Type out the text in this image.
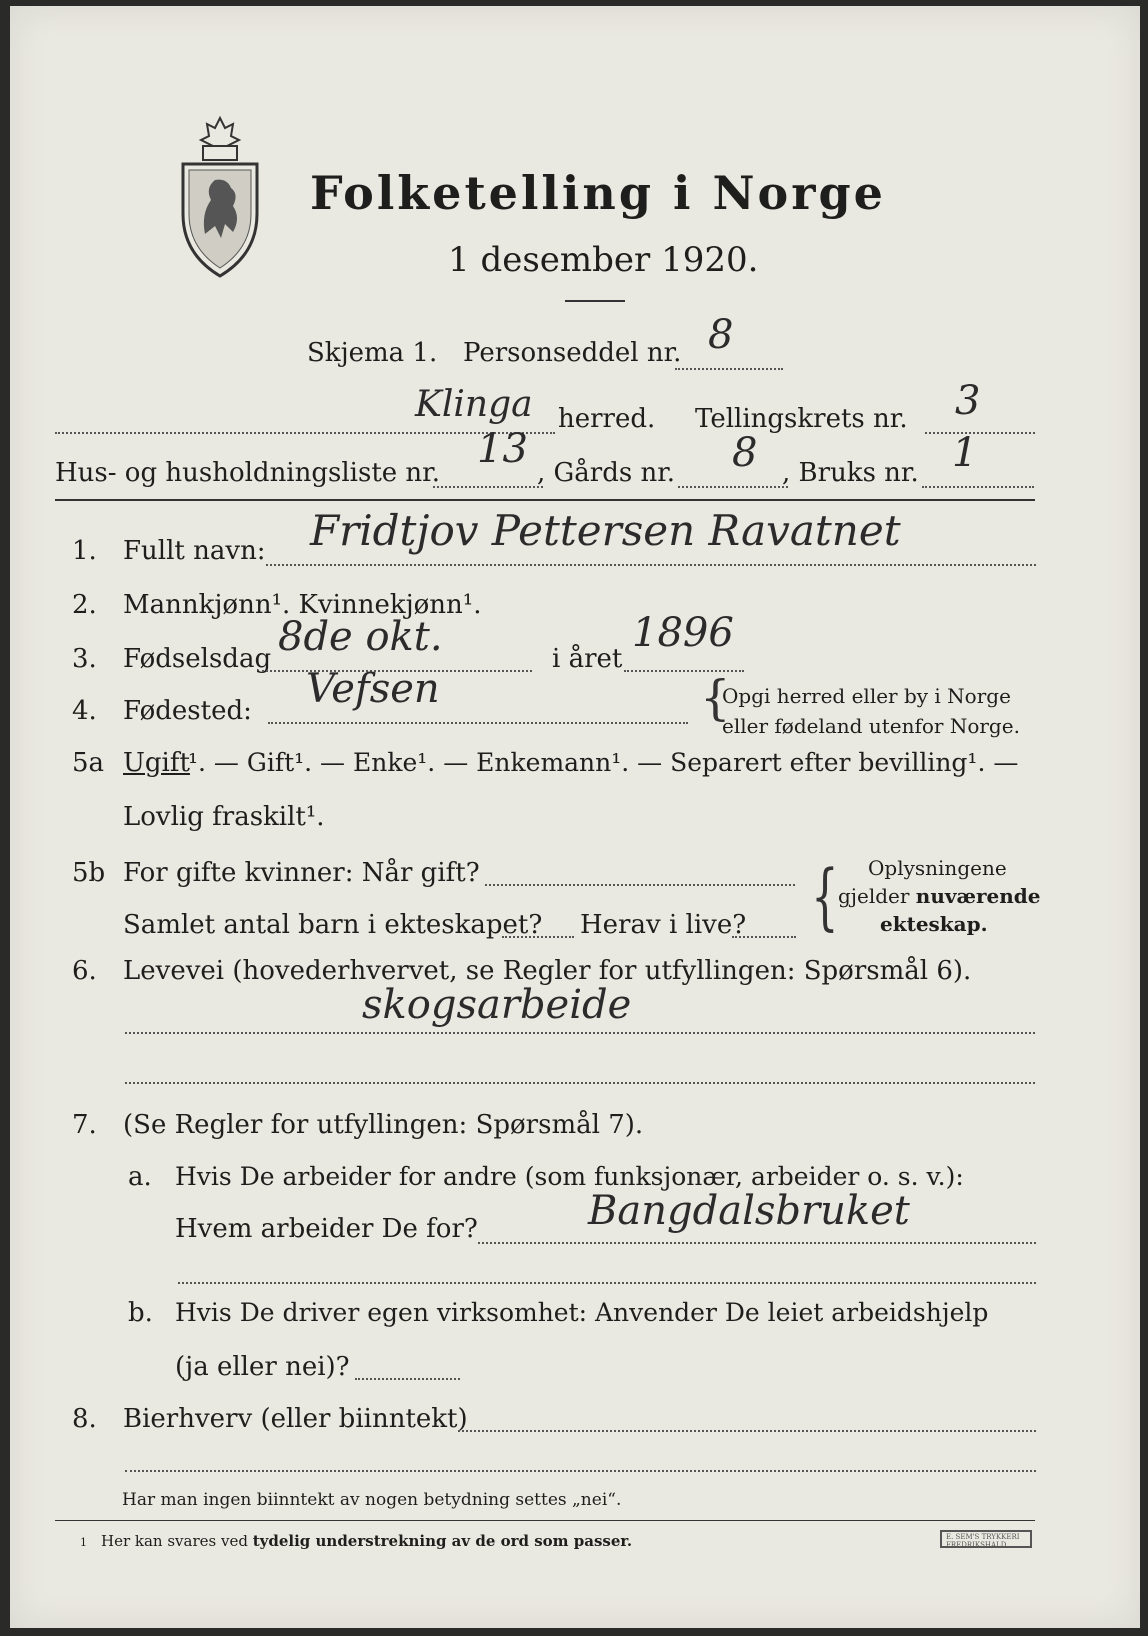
Folketelling i Norge
1 desember 1920.
Skjema 1. Personseddel nr. 8
Klinga herred. Tellingskrets nr. 3
Hus- og husholdningsliste nr.
13
, Gårds nr. 8 , Bruks nr. 1
1. Fullt navn: Fridtjov Pettersen Ravatnet
2. Mannkjønn¹. Kvinnekjønn¹.
3. Fødselsdag 8de okt.	i året
1896
4. Fødested: Vefsen	{
Opgi herred eller by i Norge
eller fødeland utenfor Norge.
5a Ugift
¹. — Gift¹. — Enke¹. — Enkemann¹. — Separert efter bevilling¹. —
Lovlig fraskilt¹.
5b For gifte kvinner: Når gift?
Samlet antal barn i ekteskapet? Herav i live? { Oplysningene
gjelder nuværende
ekteskap.
6. Levevei (hovederhvervet, se Regler for utfyllingen: Spørsmål 6).
skogsarbeide
7. (Se Regler for utfyllingen: Spørsmål 7).
a. Hvis De arbeider for andre (som funksjonær, arbeider o. s. v.):
Hvem arbeider De for?	Bangdalsbruket
b. Hvis De driver egen virksomhet: Anvender De leiet arbeidshjelp
(ja eller nei)?
8. Bierhverv (eller biinntekt)
Har man ingen biinntekt av nogen betydning settes „nei“.
1 Her kan svares ved tydelig understrekning av de ord som passer.	E. SEM'S TRYKKERI FREDRIKSHALD
